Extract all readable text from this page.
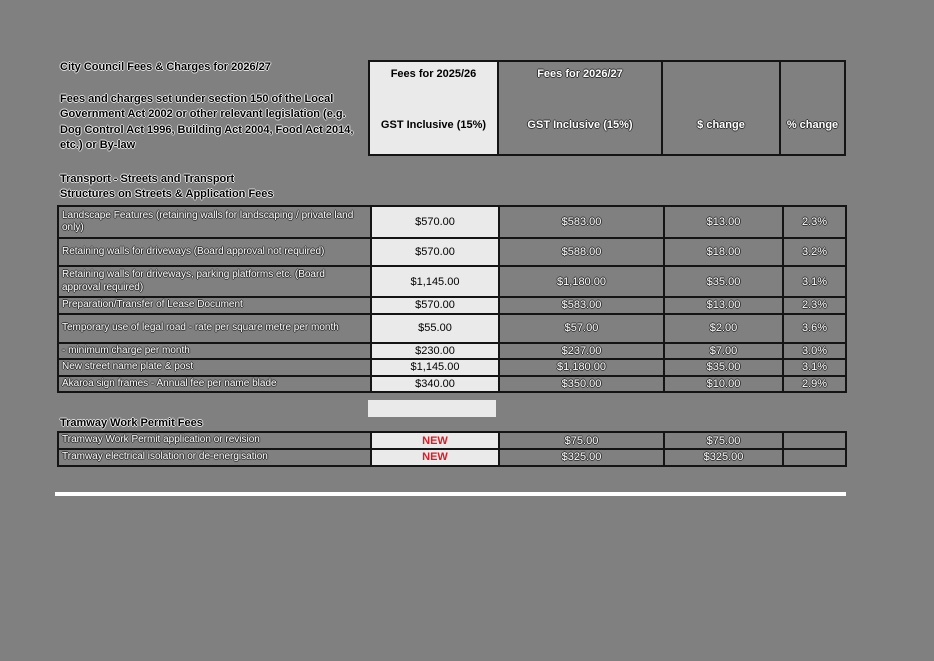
City Council Fees & Charges for 2026/27
Fees and charges set under section 150 of the Local Government Act 2002 or other relevant legislation (e.g. Dog Control Act 1996, Building Act 2004, Food Act 2014, etc.) or By-law
Fees for 2025/26
GST Inclusive (15%)
Fees for 2026/27
GST Inclusive (15%)	$ change	% change
Transport - Streets and Transport
Structures on Streets & Application Fees
Landscape Features (retaining walls for landscaping / private land only)	$570.00	$583.00	$13.00	2.3%
Retaining walls for driveways (Board approval not required)	$570.00	$588.00	$18.00	3.2%
Retaining walls for driveways, parking platforms etc. (Board approval required)	$1,145.00	$1,180.00	$35.00	3.1%
Preparation/Transfer of Lease Document	$570.00	$583.00	$13.00	2.3%
Temporary use of legal road - rate per square metre per month	$55.00	$57.00	$2.00	3.6%
- minimum charge per month	$230.00	$237.00	$7.00	3.0%
New street name plate & post	$1,145.00	$1,180.00	$35.00	3.1%
Akaroa sign frames - Annual fee per name blade	$340.00	$350.00	$10.00	2.9%
Tramway Work Permit Fees
Tramway Work Permit application or revision	NEW	$75.00	$75.00
Tramway electrical isolation or de-energisation	NEW	$325.00	$325.00
